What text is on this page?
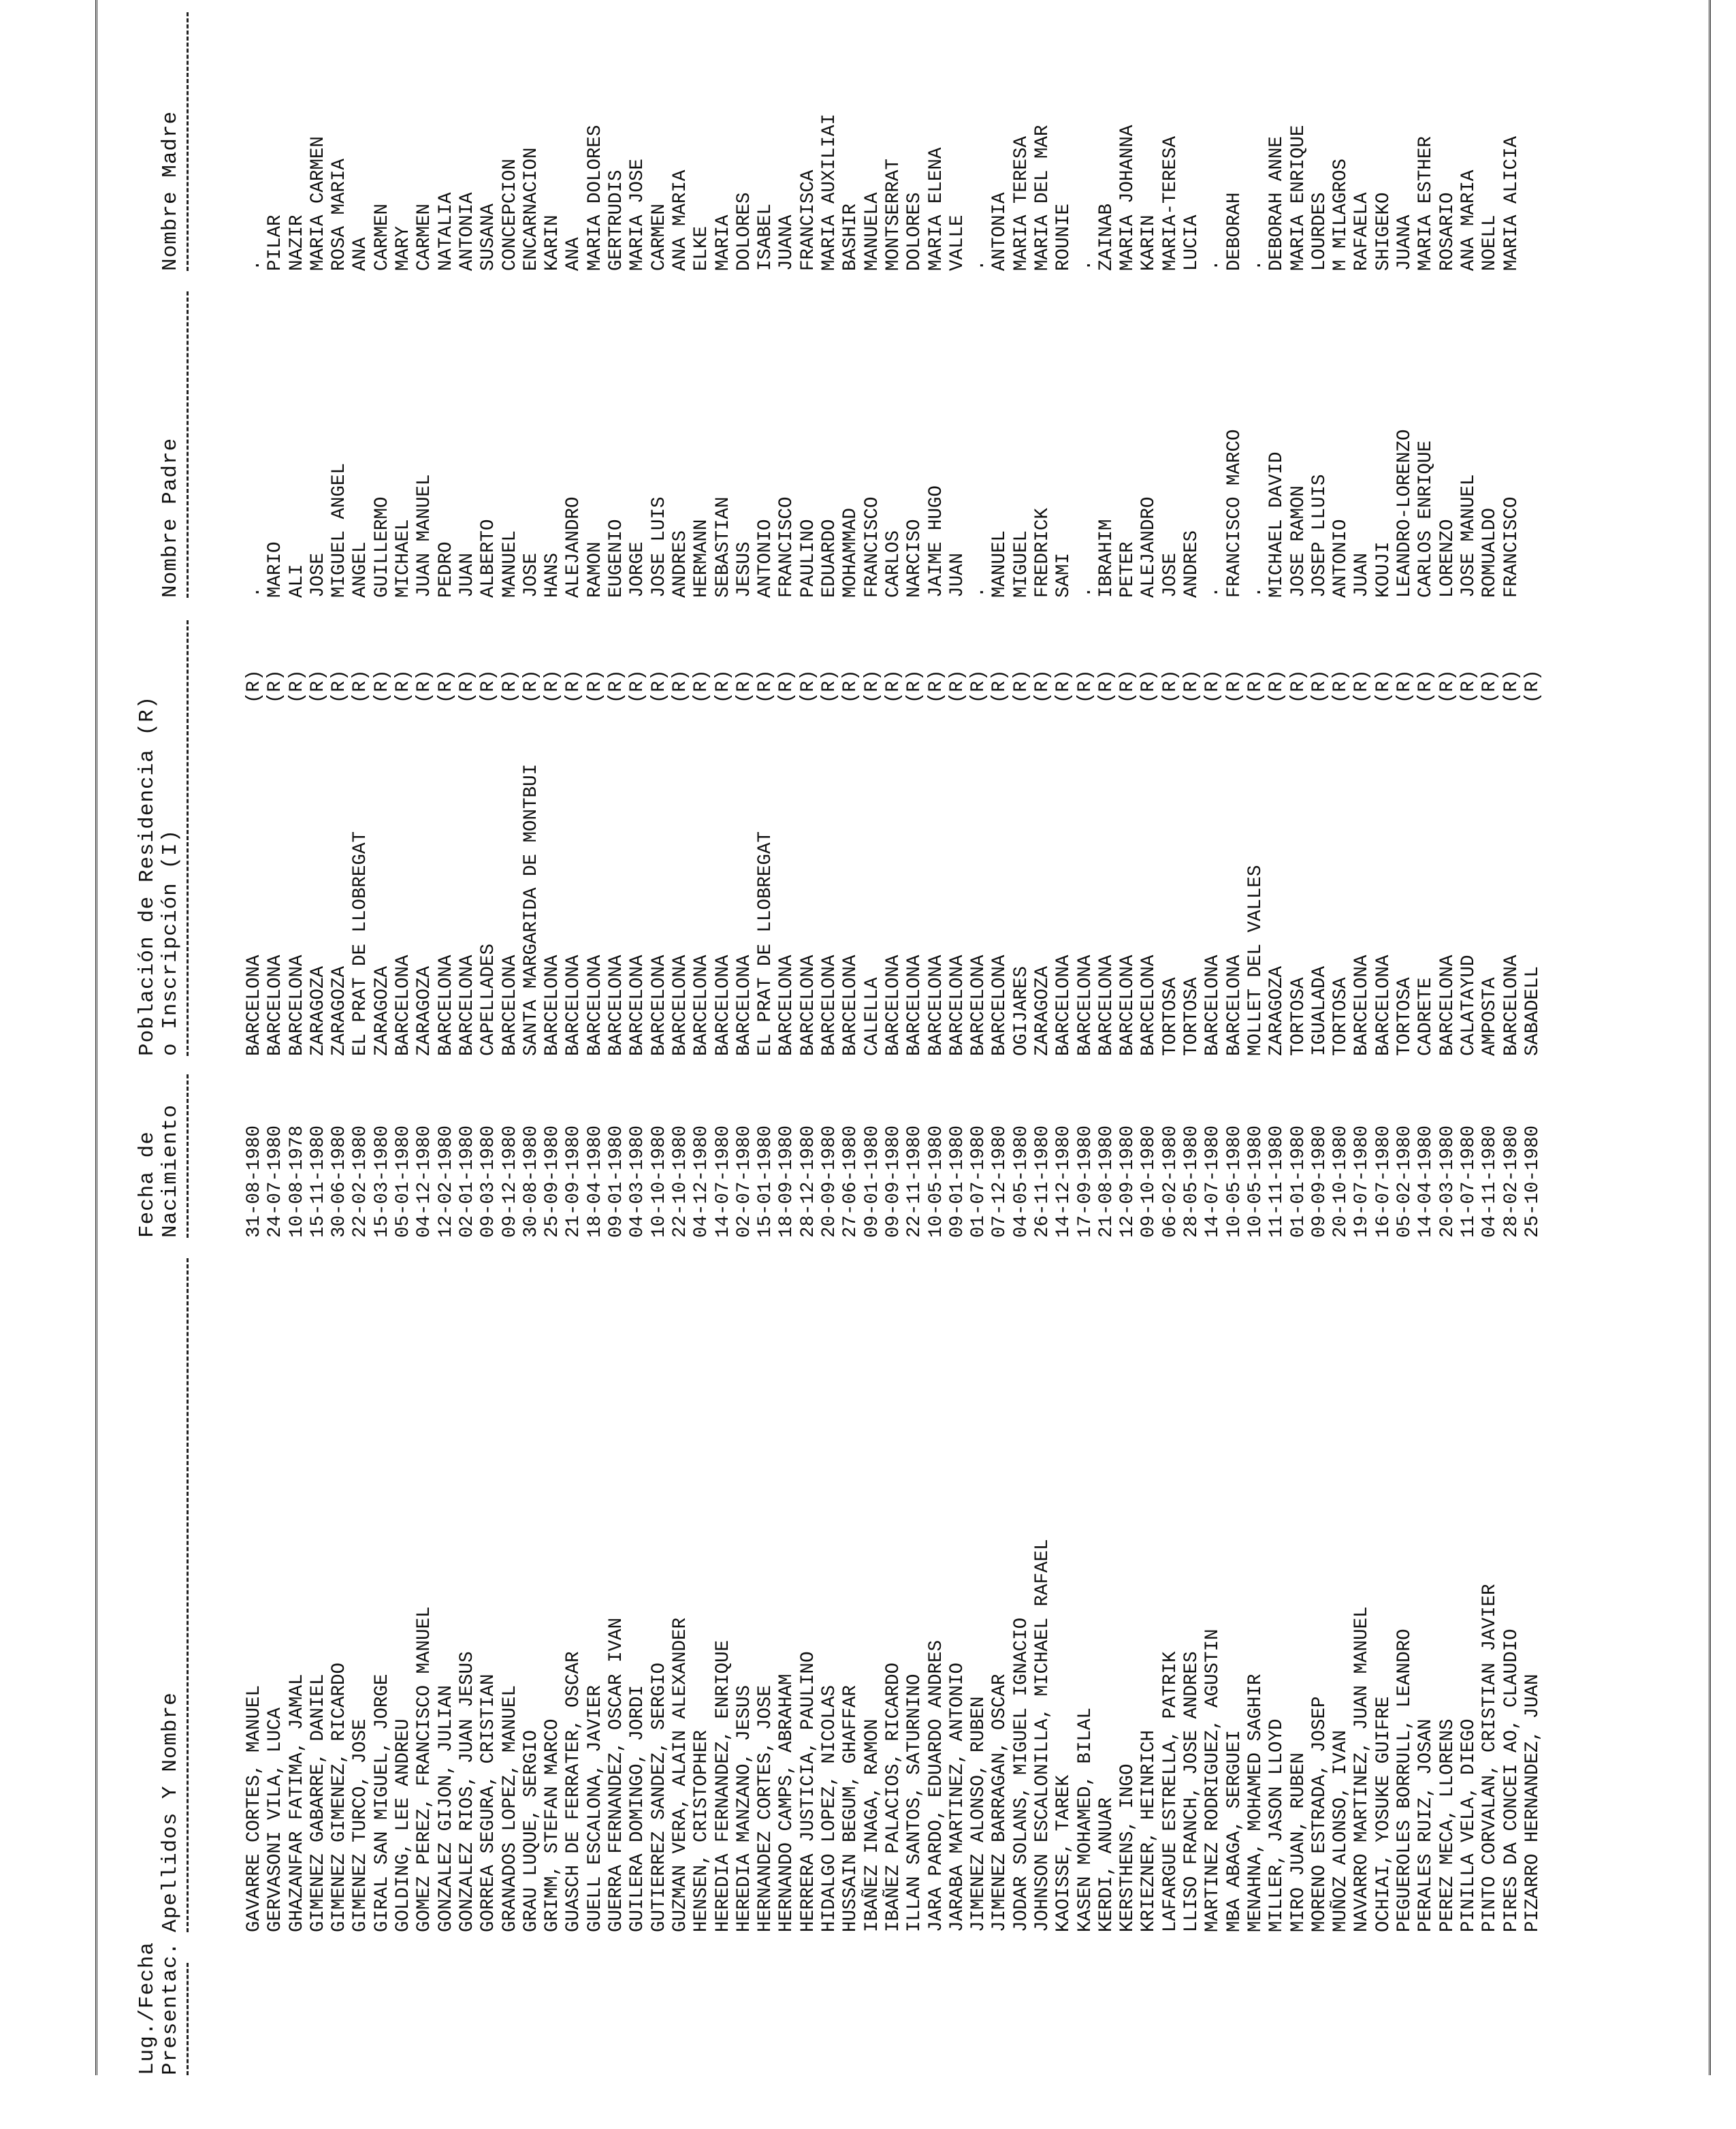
Lug./Fecha Presentac.

Apellidos Y Nombre
Fecha de Nacimiento
Población de Residencia (R) o Inscripción (I)

Nombre Padre

Nombre Madre
GAVARRE CORTES, MANUEL
31-08-1980
BARCELONA
(R)
.
.
GERVASONI VILA, LUCA
24-07-1980
BARCELONA
(R)
MARIO
PILAR
GHAZANFAR FATIMA, JAMAL
10-08-1978
BARCELONA
(R)
ALI
NAZIR
GIMENEZ GABARRE, DANIEL
15-11-1980
ZARAGOZA
(R)
JOSE
MARIA CARMEN
GIMENEZ GIMENEZ, RICARDO
30-06-1980
ZARAGOZA
(R)
MIGUEL ANGEL
ROSA MARIA
GIMENEZ TURCO, JOSE
22-02-1980
EL PRAT DE LLOBREGAT
(R)
ANGEL
ANA
GIRAL SAN MIGUEL, JORGE
15-03-1980
ZARAGOZA
(R)
GUILLERMO
CARMEN
GOLDING, LEE ANDREU
05-01-1980
BARCELONA
(R)
MICHAEL
MARY
GOMEZ PEREZ, FRANCISCO MANUEL
04-12-1980
ZARAGOZA
(R)
JUAN MANUEL
CARMEN
GONZALEZ GIJON, JULIAN
12-02-1980
BARCELONA
(R)
PEDRO
NATALIA
GONZALEZ RIOS, JUAN JESUS
02-01-1980
BARCELONA
(R)
JUAN
ANTONIA
GORREA SEGURA, CRISTIAN
09-03-1980
CAPELLADES
(R)
ALBERTO
SUSANA
GRANADOS LOPEZ, MANUEL
09-12-1980
BARCELONA
(R)
MANUEL
CONCEPCION
GRAU LUQUE, SERGIO
30-08-1980
SANTA MARGARIDA DE MONTBUI
(R)
JOSE
ENCARNACION
GRIMM, STEFAN MARCO
25-09-1980
BARCELONA
(R)
HANS
KARIN
GUASCH DE FERRATER, OSCAR
21-09-1980
BARCELONA
(R)
ALEJANDRO
ANA
GUELL ESCALONA, JAVIER
18-04-1980
BARCELONA
(R)
RAMON
MARIA DOLORES
GUERRA FERNANDEZ, OSCAR IVAN
09-01-1980
BARCELONA
(R)
EUGENIO
GERTRUDIS
GUILERA DOMINGO, JORDI
04-03-1980
BARCELONA
(R)
JORGE
MARIA JOSE
GUTIERREZ SANDEZ, SERGIO
10-10-1980
BARCELONA
(R)
JOSE LUIS
CARMEN
GUZMAN VERA, ALAIN ALEXANDER
22-10-1980
BARCELONA
(R)
ANDRES
ANA MARIA
HENSEN, CRISTOPHER
04-12-1980
BARCELONA
(R)
HERMANN
ELKE
HEREDIA FERNANDEZ, ENRIQUE
14-07-1980
BARCELONA
(R)
SEBASTIAN
MARIA
HEREDIA MANZANO, JESUS
02-07-1980
BARCELONA
(R)
JESUS
DOLORES
HERNANDEZ CORTES, JOSE
15-01-1980
EL PRAT DE LLOBREGAT
(R)
ANTONIO
ISABEL
HERNANDO CAMPS, ABRAHAM
18-09-1980
BARCELONA
(R)
FRANCISCO
JUANA
HERRERA JUSTICIA, PAULINO
28-12-1980
BARCELONA
(R)
PAULINO
FRANCISCA
HIDALGO LOPEZ, NICOLAS
20-09-1980
BARCELONA
(R)
EDUARDO
MARIA AUXILIAI
HUSSAIN BEGUM, GHAFFAR
27-06-1980
BARCELONA
(R)
MOHAMMAD
BASHIR
IBAÑEZ INAGA, RAMON
09-01-1980
CALELLA
(R)
FRANCISCO
MANUELA
IBAÑEZ PALACIOS, RICARDO
09-09-1980
BARCELONA
(R)
CARLOS
MONTSERRAT
ILLAN SANTOS, SATURNINO
22-11-1980
BARCELONA
(R)
NARCISO
DOLORES
JARA PARDO, EDUARDO ANDRES
10-05-1980
BARCELONA
(R)
JAIME HUGO
MARIA ELENA
JARABA MARTINEZ, ANTONIO
09-01-1980
BARCELONA
(R)
JUAN
VALLE
JIMENEZ ALONSO, RUBEN
01-07-1980
BARCELONA
(R)
.
.
JIMENEZ BARRAGAN, OSCAR
07-12-1980
BARCELONA
(R)
MANUEL
ANTONIA
JODAR SOLANS, MIGUEL IGNACIO
04-05-1980
OGIJARES
(R)
MIGUEL
MARIA TERESA
JOHNSON ESCALONILLA, MICHAEL RAFAEL
26-11-1980
ZARAGOZA
(R)
FREDRICK
MARIA DEL MAR
KAOISSE, TAREK
14-12-1980
BARCELONA
(R)
SAMI
ROUNIE
KASEN MOHAMED, BILAL
17-09-1980
BARCELONA
(R)
.
.
KERDI, ANUAR
21-08-1980
BARCELONA
(R)
IBRAHIM
ZAINAB
KERSTHENS, INGO
12-09-1980
BARCELONA
(R)
PETER
MARIA JOHANNA
KRIEZNER, HEINRICH
09-10-1980
BARCELONA
(R)
ALEJANDRO
KARIN
LAFARGUE ESTRELLA, PATRIK
06-02-1980
TORTOSA
(R)
JOSE
MARIA-TERESA
LLISO FRANCH, JOSE ANDRES
28-05-1980
TORTOSA
(R)
ANDRES
LUCIA
MARTINEZ RODRIGUEZ, AGUSTIN
14-07-1980
BARCELONA
(R)
.
.
MBA ABAGA, SERGUEI
10-05-1980
BARCELONA
(R)
FRANCISCO MARCO
DEBORAH
MENAHNA, MOHAMED SAGHIR
10-05-1980
MOLLET DEL VALLES
(R)
.
.
MILLER, JASON LLOYD
11-11-1980
ZARAGOZA
(R)
MICHAEL DAVID
DEBORAH ANNE
MIRO JUAN, RUBEN
01-01-1980
TORTOSA
(R)
JOSE RAMON
MARIA ENRIQUE
MORENO ESTRADA, JOSEP
09-09-1980
IGUALADA
(R)
JOSEP LLUIS
LOURDES
MUÑOZ ALONSO, IVAN
20-10-1980
TORTOSA
(R)
ANTONIO
M MILAGROS
NAVARRO MARTINEZ, JUAN MANUEL
19-07-1980
BARCELONA
(R)
JUAN
RAFAELA
OCHIAI, YOSUKE GUIFRE
16-07-1980
BARCELONA
(R)
KOUJI
SHIGEKO
PEGUEROLES BORRULL, LEANDRO
05-02-1980
TORTOSA
(R)
LEANDRO-LORENZO
JUANA
PERALES RUIZ, JOSAN
14-04-1980
CADRETE
(R)
CARLOS ENRIQUE
MARIA ESTHER
PEREZ MECA, LLORENS
20-03-1980
BARCELONA
(R)
LORENZO
ROSARIO
PINILLA VELA, DIEGO
11-07-1980
CALATAYUD
(R)
JOSE MANUEL
ANA MARIA
PINTO CORVALAN, CRISTIAN JAVIER
04-11-1980
AMPOSTA
(R)
ROMUALDO
NOELL
PIRES DA CONCEI AO, CLAUDIO
28-02-1980
BARCELONA
(R)
FRANCISCO
MARIA ALICIA
PIZARRO HERNANDEZ, JUAN
25-10-1980
SABADELL
(R)
